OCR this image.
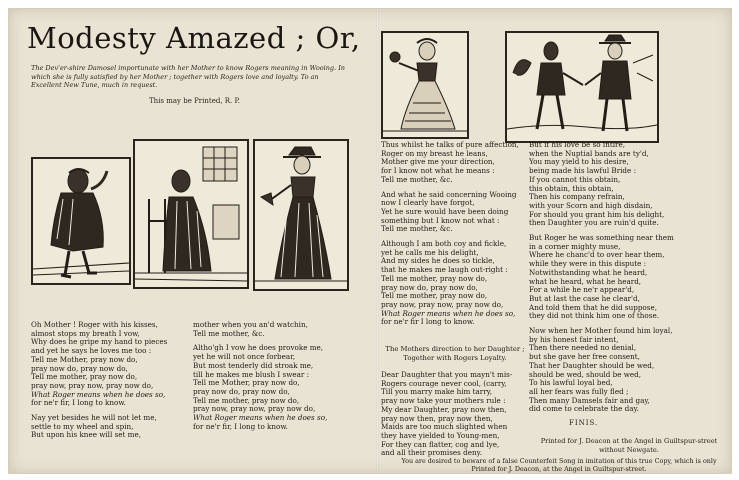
Modesty Amazed ; Or,

The Dev'er-shire Damosel importunate with her Mother to know Rogers meaning in Wooing. In which she is fully satisfied by her Mother ; together with Rogers love and loyalty. To an Excellent New Tune, much in request.

This may be Printed, R. P.

Oh Mother ! Roger with his kisses,
almost stops my breath I vow,
Why does he gripe my hand to pieces
and yet he says he loves me too :
Tell me Mother, pray now do,
pray now do, pray now do,
Tell me mother, pray now do,
pray now, pray now, pray now do,
What Roger means when he does so,
for ne'r fir, I long to know.
Nay yet besides he will not let me,
settle to my wheel and spin,
But upon his knee will set me,
mother when you an'd watchin,
Tell me mother, &c.
Altho'gh I vow he does provoke me,
yet he will not once forbear,
But most tenderly did stroak me,
till he makes me blush I swear :
Tell me Mother, pray now do,
pray now do, pray now do,
Tell me mother, pray now do,
pray now, pray now, pray now do,
What Roger means when he does so,
for ne'r fir, I long to know.
Thus whilst he talks of pure affection,
Roger on my breast he leans,
Mother give me your direction,
for I know not what he means :
Tell me mother, &c.
And what he said concerning Wooing
now I clearly have forgot,
Yet he sure would have been doing
something but I know not what :
Tell me mother, &c.
Although I am both coy and fickle,
yet he calls me his delight,
And my sides he does so tickle,
that he makes me laugh out-right :
Tell me mother, pray now do,
pray now do, pray now do,
Tell me mother, pray now do,
pray now, pray now, pray now do,
What Roger means when he does so,
for ne'r fir I long to know.
The Mothers direction to her Daughter ; Together with Rogers Loyalty.
Dear Daughter that you mayn't mis-
Rogers courage never cool, (carry,
Till you marry make him tarry,
pray now take your mothers rule :
My dear Daughter, pray now then,
pray now then, pray now then,
Maids are too much slighted when
they have yielded to Young-men,
For they can flatter, cog and lye,
and all their promises deny.
But if his love be so intire,
when the Nuptial bands are ty'd,
You may yield to his desire,
being made his lawful Bride :
If you cannot this obtain,
this obtain, this obtain,
Then his company refrain,
with your Scorn and high disdain,
For should you grant him his delight,
then Daughter you are ruin'd quite.
But Roger he was something near them
in a corner mighty muse,
Where he chanc'd to over hear them,
while they were in this dispute :
Notwithstanding what he heard,
what he heard, what he heard,
For a while he ne'r appear'd,
But at last the case he clear'd,
And told them that he did suppose,
they did not think him one of those.
Now when her Mother found him loyal,
by his honest fair intent,
Then there needed no denial,
but she gave her free consent,
That her Daughter should be wed,
should be wed, should be wed,
To his lawful loyal bed,
all her fears was fully fled ;
Then many Damsels fair and gay,
did come to celebrate the day.
FINIS.
Printed for J. Deacon at the Angel in Guiltspur-street without Newgate.
You are desired to beware of a false Counterfeit Song in imitation of this true Copy, which is only Printed for J. Deacon, at the Angel in Guiltspur-street.
